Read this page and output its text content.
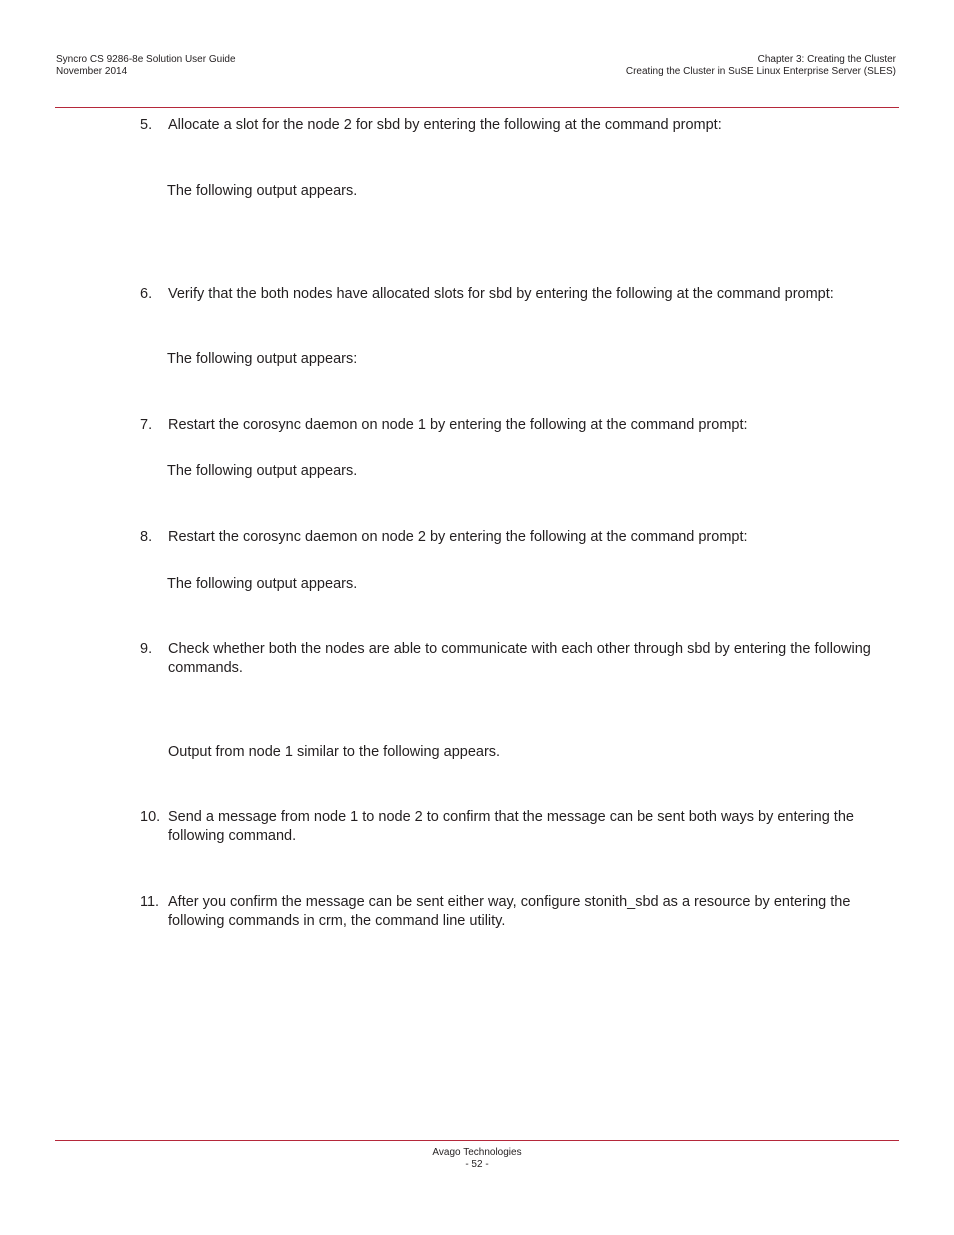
Syncro CS 9286-8e Solution User Guide
November 2014
Chapter 3: Creating the Cluster
Creating the Cluster in SuSE Linux Enterprise Server (SLES)
5. Allocate a slot for the node 2 for sbd by entering the following at the command prompt:
The following output appears.
6. Verify that the both nodes have allocated slots for sbd by entering the following at the command prompt:
The following output appears:
7. Restart the corosync daemon on node 1 by entering the following at the command prompt:
The following output appears.
8. Restart the corosync daemon on node 2 by entering the following at the command prompt:
The following output appears.
9. Check whether both the nodes are able to communicate with each other through sbd by entering the following commands.
Output from node 1 similar to the following appears.
10. Send a message from node 1 to node 2 to confirm that the message can be sent both ways by entering the following command.
11. After you confirm the message can be sent either way, configure stonith_sbd as a resource by entering the following commands in crm, the command line utility.
Avago Technologies
- 52 -
